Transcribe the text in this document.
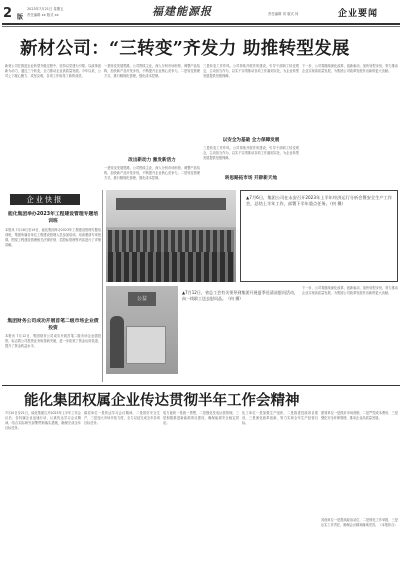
2 版
2023年7月21日 星期五
责任编辑 xx 版式 xx	福建能源报	责任编辑 刘 版式 何	企业要闻
新材公司：“三转变”齐发力 助推转型发展
新材公司在推进企业转型升级过程中，坚持以党建为引领，以改革创新为动力，通过三个转变，全力推动企业高质量发展。今年以来，公司上下凝心聚力、攻坚克难，各项工作取得了新的成效。
一是转变发展思路。公司围绕主业，深入分析市场形势，调整产品结构，加快新产品开发步伐，不断提升企业核心竞争力。二是转变管理方式，推行精细化管理，强化成本控制。
改出新动力 激发新活力
三是转变工作作风。公司持续开展作风建设，引导干部职工转变观念，主动担当作为，以实干实绩推动各项工作落到实处，为企业转型发展提供坚强保障。
以安全为基础 全力保障发展
三是转变工作作风。公司持续开展作风建设，引导干部职工转变观念，主动担当作为，以实干实绩推动各项工作落到实处，为企业转型发展提供坚强保障。
下一步，公司将继续深化改革，创新驱动，加快转型步伐，努力推动企业实现高质量发展，为集团公司改革发展作出新的更大贡献。
转思路拓市场 开辟新天地
一是转变发展思路。公司围绕主业，深入分析市场形势，调整产品结构，加快新产品开发步伐，不断提升企业核心竞争力。二是转变管理方式，推行精细化管理，强化成本控制。
企业快报
能化集团举办2023年工程建设管理专题培训班
本报讯 7月18日至19日，能化集团举办2023年工程建设管理专题培训班，集团所属各单位工程建设管理人员参加培训。培训邀请专家授课，围绕工程建设管理相关法律法规、招投标管理等内容进行了详细讲解。
集团财务公司成功开展首笔二级市场企业债投资
本报讯 7月12日，集团财务公司成功开展首笔二级市场企业债投资，标志着公司投资业务取得新突破，进一步拓宽了资金运用渠道，提升了资金收益水平。
▲7月6日，集团公司在永安召开2023年上半年经济运行分析会暨安全生产工作会，总结上半年工作，部署下半年重点任务。（何 摄）
公益
▲7月12日，省总工会有关领导到集团开展夏季送清凉慰问活动，向一线职工送去慰问品。（何 摄）
下一步，公司将继续深化改革，创新驱动，加快转型步伐，努力推动企业实现高质量发展，为集团公司改革发展作出新的更大贡献。
能化集团权属企业传达贯彻半年工作会精神
7月20日至21日，能化集团召开2023年上半年工作会议后，各权属企业迅速行动，认真传达学习会议精神，结合实际研究部署贯彻落实措施，确保完成全年目标任务。
煤炭单位一是传达学习会议精神，二是抓好安全生产，三是加大市场开拓力度，全力以赴完成全年各项目标任务。
电力板块一是统一思想，二是强化发电运营管理，三是积极推进新能源项目建设，确保能源安全稳定供应。
化工单位一是加强生产组织，二是推进技改项目建设，三是深化改革创新，努力实现全年生产经营目标。
建材单位一是抓好市场营销，二是严控成本费用，三是强化安全环保管理，推动企业高质量发展。
其他单位一是提高政治站位，二是细化工作举措，三是压实工作责任，确保会议精神落地见效。（本报综合）
